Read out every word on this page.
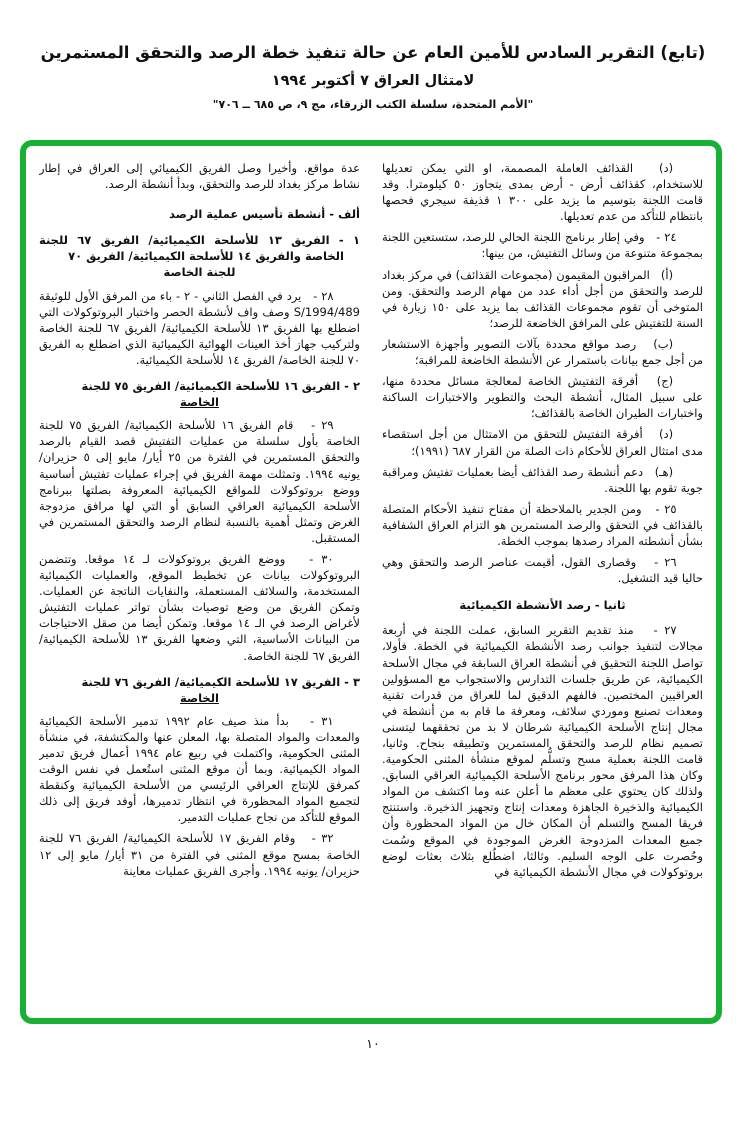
(تابع) التقرير السادس للأمين العام عن حالة تنفيذ خطة الرصد والتحقق المستمرين
لامتثال العراق ٧ أكتوبر ١٩٩٤
"الأمم المتحدة، سلسلة الكتب الزرقاء، مج ٩، ص ٦٨٥ ــ ٧٠٦"

(د)   القذائف العاملة المصممة، او التي يمكن تعديلها للاستخدام، كقذائف أرض - أرض بمدى يتجاوز ٥٠ كيلومترا. وقد قامت اللجنة بتوسيم ما يزيد على ٣٠٠ ١ قذيفة سيجري فحصها بانتظام للتأكد من عدم تعديلها.

٢٤ -   وفي إطار برنامج اللجنة الحالي للرصد، ستستعين اللجنة بمجموعة متنوعة من وسائل التفتيش، من بينها:

(أ)   المراقبون المقيمون (مجموعات القذائف) في مركز بغداد للرصد والتحقق من أجل أداء عدد من مهام الرصد والتحقق. ومن المتوخى أن تقوم مجموعات القذائف بما يزيد على ١٥٠ زيارة في السنة للتفتيش على المرافق الخاضعة للرصد؛

(ب)   رصد مواقع محددة بآلات التصوير وأجهزة الاستشعار من أجل جمع بيانات باستمرار عن الأنشطة الخاضعة للمراقبة؛

(ج)   أفرقة التفتيش الخاصة لمعالجة مسائل محددة منها، على سبيل المثال، أنشطة البحث والتطوير والاختبارات الساكنة واختبارات الطيران الخاصة بالقذائف؛

(د)   أفرقة التفتيش للتحقق من الامتثال من أجل استقصاء مدى امتثال العراق للأحكام ذات الصلة من القرار ٦٨٧ (١٩٩١)؛

(هـ)   دعم أنشطة رصد القذائف أيضا بعمليات تفتيش ومراقبة جوية تقوم بها اللجنة.

٢٥ -   ومن الجدير بالملاحظة أن مفتاح تنفيذ الأحكام المتصلة بالقذائف في التحقق والرصد المستمرين هو التزام العراق الشفافية بشأن أنشطته المراد رصدها بموجب الخطة.

٢٦ -   وقصارى القول، أقيمت عناصر الرصد والتحقق وهي حاليا قيد التشغيل.

ثانيا - رصد الأنشطة الكيميائية

٢٧ -   منذ تقديم التقرير السابق، عملت اللجنة في أربعة مجالات لتنفيذ جوانب رصد الأنشطة الكيميائية في الخطة. فأولا، تواصل اللجنة التحقيق في أنشطة العراق السابقة في مجال الأسلحة الكيميائية، عن طريق جلسات التدارس والاستجواب مع المسؤولين العراقيين المختصين. فالفهم الدقيق لما للعراق من قدرات تقنية ومعدات تصنيع وموردي سلائف، ومعرفة ما قام به من أنشطة في مجال إنتاج الأسلحة الكيميائية شرطان لا بد من تحققهما ليتسنى تصميم نظام للرصد والتحقق المستمرين وتطبيقه بنجاح. وثانيا، قامت اللجنة بعملية مسح وتسلُّم لموقع منشأة المثنى الحكومية. وكان هذا المرفق محور برنامج الأسلحة الكيميائية العراقي السابق. ولذلك كان يحتوي على معظم ما أعلن عنه وما اكتشف من المواد الكيميائية والذخيرة الجاهزة ومعدات إنتاج وتجهيز الذخيرة. واستنتج فريقا المسح والتسلم أن المكان خال من المواد المحظورة وأن جميع المعدات المزدوجة الغرض الموجودة في الموقع وسُمت وحُصرت على الوجه السليم. وثالثا، اضطُلع بثلاث بعثات لوضع بروتوكولات في مجال الأنشطة الكيميائية في

عدة مواقع. وأخيرا وصل الفريق الكيميائي إلى العراق في إطار نشاط مركز بغداد للرصد والتحقق، وبدأ أنشطة الرصد.

ألف - أنشطة تأسيس عملية الرصد

١ - الفريق ١٣ للأسلحة الكيميائية/ الفريق ٦٧ للجنة الخاصة والفريق ١٤ للأسلحة الكيميائية/ الفريق ٧٠

للجنة الخاصة

٢٨ -   يرد في الفصل الثاني - ٢ - باء من المرفق الأول للوثيقة S/1994/489 وصف واف لأنشطة الحصر واختبار البروتوكولات التي اضطلع بها الفريق ١٣ للأسلحة الكيميائية/ الفريق ٦٧ للجنة الخاصة ولتركيب جهاز أخذ العينات الهوائية الكيميائية الذي اضطلع به الفريق ٧٠ للجنة الخاصة/ الفريق ١٤ للأسلحة الكيميائية.

٢ - الفريق ١٦ للأسلحة الكيميائية/ الفريق ٧٥ للجنة

الخاصة

٢٩ -   قام الفريق ١٦ للأسلحة الكيميائية/ الفريق ٧٥ للجنة الخاصة بأول سلسلة من عمليات التفتيش قصد القيام بالرصد والتحقق المستمرين في الفترة من ٢٥ أيار/ مايو إلى ٥ حزيران/ يونيه ١٩٩٤. وتمثلت مهمة الفريق في إجراء عمليات تفتيش أساسية ووضع بروتوكولات للمواقع الكيميائية المعروفة بصلتها ببرنامج الأسلحة الكيميائية العراقي السابق أو التي لها مرافق مزدوجة الغرض وتمثل أهمية بالنسبة لنظام الرصد والتحقق المستمرين في المستقبل.

٣٠ -   ووضع الفريق بروتوكولات لـ ١٤ موقعا. وتتضمن البروتوكولات بيانات عن تخطيط الموقع، والعمليات الكيميائية المستخدمة، والسلائف المستعملة، والنفايات الناتجة عن العمليات. وتمكن الفريق من وضع توصيات بشأن تواتر عمليات التفتيش لأغراض الرصد في الـ ١٤ موقعا. وتمكن أيضا من صقل الاحتياجات من البيانات الأساسية، التي وضعها الفريق ١٣ للأسلحة الكيميائية/ الفريق ٦٧ للجنة الخاصة.

٣ - الفريق ١٧ للأسلحة الكيميائية/ الفريق ٧٦ للجنة

الخاصة

٣١ -   بدأ منذ صيف عام ١٩٩٢ تدمير الأسلحة الكيميائية والمعدات والمواد المتصلة بها، المعلن عنها والمكتشفة، في منشأة المثنى الحكومية، واكتملت في ربيع عام ١٩٩٤ أعمال فريق تدمير المواد الكيميائية. وبما أن موقع المثنى استُعمل في نفس الوقت كمرفق للإنتاج العراقي الرئيسي من الأسلحة الكيميائية وكنقطة لتجميع المواد المحظورة في انتظار تدميرها، أوفد فريق إلى ذلك الموقع للتأكد من نجاح عمليات التدمير.

٣٢ -   وقام الفريق ١٧ للأسلحة الكيميائية/ الفريق ٧٦ للجنة الخاصة بمسح موقع المثنى في الفترة من ٣١ أيار/ مايو إلى ١٢ حزيران/ يونيه ١٩٩٤. وأجرى الفريق عمليات معاينة

١٠
